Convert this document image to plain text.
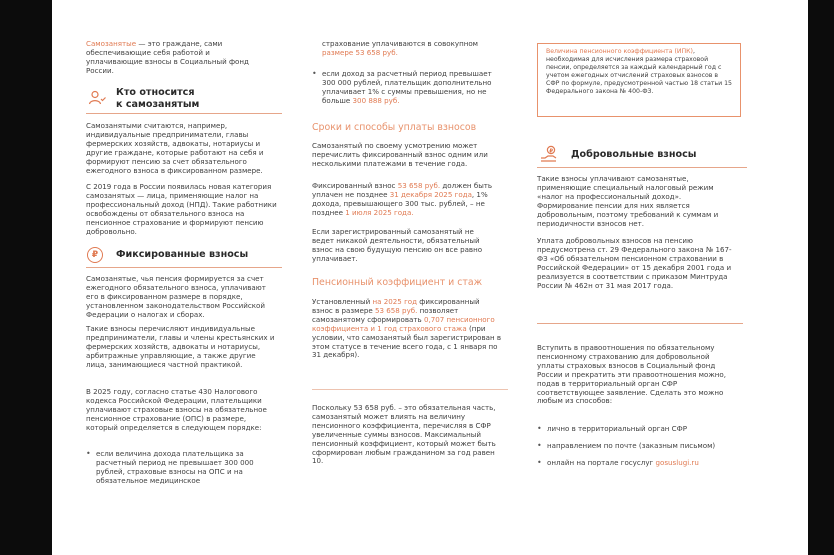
Самозанятые — это граждане, сами обеспечивающие себя работой и уплачивающие взносы в Социальный фонд России.

Кто относится
к самозанятым

Самозанятыми считаются, например, индивидуальные предприниматели, главы фермерских хозяйств, адвокаты, нотариусы и другие граждане, которые работают на себя и формируют пенсию за счет обязательного ежегодного взноса в фиксированном размере.

С 2019 года в России появилась новая категория самозанятых — лица, применяющие налог на профессиональный доход (НПД). Такие работники освобождены от обязательного взноса на пенсионное страхование и формируют пенсию добровольно.

₽	Фиксированные взносы

Самозанятые, чья пенсия формируется за счет ежегодного обязательного взноса, уплачивают его в фиксированном размере в порядке, установленном законодательством Российской Федерации о налогах и сборах.

Такие взносы перечисляют индивидуальные предприниматели, главы и члены крестьянских и фермерских хозяйств, адвокаты и нотариусы, арбитражные управляющие, а также другие лица, занимающиеся частной практикой.

В 2025 году, согласно статье 430 Налогового кодекса Российской Федерации, плательщики уплачивают страховые взносы на обязательное пенсионное страхование (ОПС) в размере, который определяется в следующем порядке:

• если величина дохода плательщика за расчетный период не превышает 300 000 рублей, страховые взносы на ОПС и на обязательное медицинское

страхование уплачиваются в совокупном размере 53 658 руб.

• если доход за расчетный период превышает 300 000 рублей, плательщик дополнительно уплачивает 1% с суммы превышения, но не больше 300 888 руб.
Сроки и способы уплаты взносов

Самозанятый по своему усмотрению может перечислить фиксированный взнос одним или несколькими платежами в течение года.

Фиксированный взнос 53 658 руб. должен быть уплачен не позднее 31 декабря 2025 года, 1% дохода, превышающего 300 тыс. рублей, – не позднее 1 июля 2025 года.

Если зарегистрированный самозанятый не ведет никакой деятельности, обязательный взнос на свою будущую пенсию он все равно уплачивает.

Пенсионный коэффициент и стаж

Установленный на 2025 год фиксированный взнос в размере 53 658 руб. позволяет самозанятому сформировать 0,707 пенсионного коэффициента и 1 год страхового стажа (при условии, что самозанятый был зарегистрирован в этом статусе в течение всего года, с 1 января по 31 декабря).

Поскольку 53 658 руб. – это обязательная часть, самозанятый может влиять на величину пенсионного коэффициента, перечисляя в СФР увеличенные суммы взносов. Максимальный пенсионный коэффициент, который может быть сформирован любым гражданином за год равен 10.

Величина пенсионного коэффициента (ИПК), необходимая для исчисления размера страховой пенсии, определяется за каждый календарный год с учетом ежегодных отчислений страховых взносов в СФР по формуле, предусмотренной частью 18 статьи 15 Федерального закона № 400-ФЗ.

₽ Добровольные взносы

Такие взносы уплачивают самозанятые, применяющие специальный налоговый режим «налог на профессиональный доход». Формирование пенсии для них является добровольным, поэтому требований к суммам и периодичности взносов нет.

Уплата добровольных взносов на пенсию предусмотрена ст. 29 Федерального закона № 167-ФЗ «Об обязательном пенсионном страховании в Российской Федерации» от 15 декабря 2001 года и реализуется в соответствии с приказом Минтруда России № 462н от 31 мая 2017 года.

Вступить в правоотношения по обязательному пенсионному страхованию для добровольной уплаты страховых взносов в Социальный фонд России и прекратить эти правоотношения можно, подав в территориальный орган СФР соответствующее заявление. Сделать это можно любым из способов:

• лично в территориальный орган СФР
• направлением по почте (заказным письмом)
• онлайн на портале госуслуг gosuslugi.ru
